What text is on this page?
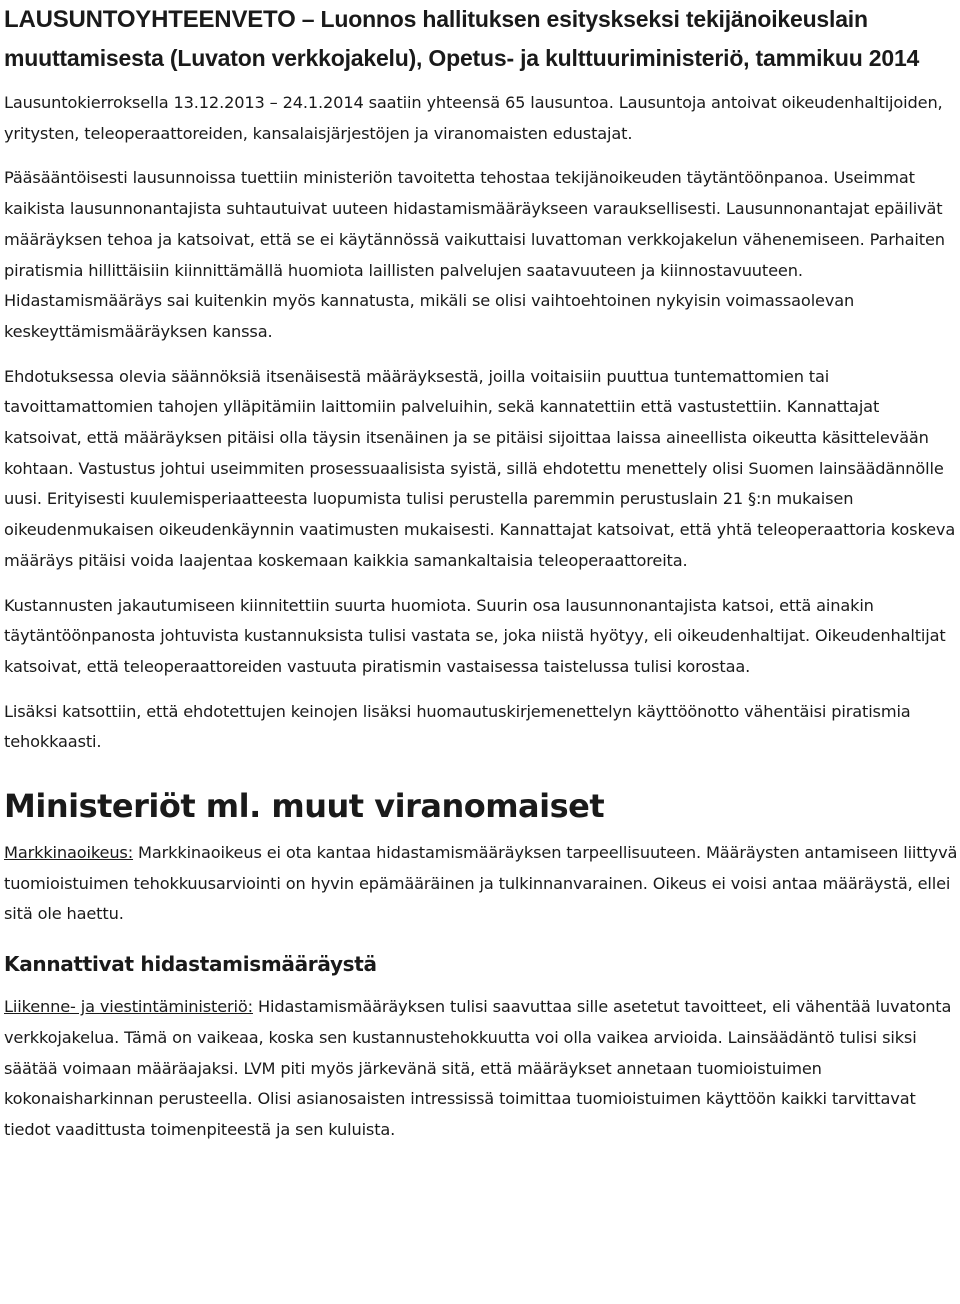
LAUSUNTOYHTEENVETO – Luonnos hallituksen esityskseksi tekijänoikeuslain muuttamisesta (Luvaton verkkojakelu), Opetus- ja kulttuuriministeriö, tammikuu 2014

Lausuntokierroksella 13.12.2013 – 24.1.2014 saatiin yhteensä 65 lausuntoa. Lausuntoja antoivat oikeudenhaltijoiden, yritysten, teleoperaattoreiden, kansalaisjärjestöjen ja viranomaisten edustajat.

Pääsääntöisesti lausunnoissa tuettiin ministeriön tavoitetta tehostaa tekijänoikeuden täytäntöönpanoa. Useimmat kaikista lausunnonantajista suhtautuivat uuteen hidastamismääräykseen varauksellisesti. Lausunnonantajat epäilivät määräyksen tehoa ja katsoivat, että se ei käytännössä vaikuttaisi luvattoman verkkojakelun vähenemiseen. Parhaiten piratismia hillittäisiin kiinnittämällä huomiota laillisten palvelujen saatavuuteen ja kiinnostavuuteen. Hidastamismääräys sai kuitenkin myös kannatusta, mikäli se olisi vaihtoehtoinen nykyisin voimassaolevan keskeyttämismääräyksen kanssa.

Ehdotuksessa olevia säännöksiä itsenäisestä määräyksestä, joilla voitaisiin puuttua tuntemattomien tai tavoittamattomien tahojen ylläpitämiin laittomiin palveluihin, sekä kannatettiin että vastustettiin. Kannattajat katsoivat, että määräyksen pitäisi olla täysin itsenäinen ja se pitäisi sijoittaa laissa aineellista oikeutta käsittelevään kohtaan. Vastustus johtui useimmiten prosessuaalisista syistä, sillä ehdotettu menettely olisi Suomen lainsäädännölle uusi. Erityisesti kuulemisperiaatteesta luopumista tulisi perustella paremmin perustuslain 21 §:n mukaisen oikeudenmukaisen oikeudenkäynnin vaatimusten mukaisesti. Kannattajat katsoivat, että yhtä teleoperaattoria koskeva määräys pitäisi voida laajentaa koskemaan kaikkia samankaltaisia teleoperaattoreita.

Kustannusten jakautumiseen kiinnitettiin suurta huomiota. Suurin osa lausunnonantajista katsoi, että ainakin täytäntöönpanosta johtuvista kustannuksista tulisi vastata se, joka niistä hyötyy, eli oikeudenhaltijat. Oikeudenhaltijat katsoivat, että teleoperaattoreiden vastuuta piratismin vastaisessa taistelussa tulisi korostaa.

Lisäksi katsottiin, että ehdotettujen keinojen lisäksi huomautuskirjemenettelyn käyttöönotto vähentäisi piratismia tehokkaasti.

Ministeriöt ml. muut viranomaiset

Markkinaoikeus: Markkinaoikeus ei ota kantaa hidastamismääräyksen tarpeellisuuteen. Määräysten antamiseen liittyvä tuomioistuimen tehokkuusarviointi on hyvin epämääräinen ja tulkinnanvarainen. Oikeus ei voisi antaa määräystä, ellei sitä ole haettu.

Kannattivat hidastamismääräystä

Liikenne- ja viestintäministeriö: Hidastamismääräyksen tulisi saavuttaa sille asetetut tavoitteet, eli vähentää luvatonta verkkojakelua. Tämä on vaikeaa, koska sen kustannustehokkuutta voi olla vaikea arvioida. Lainsäädäntö tulisi siksi säätää voimaan määräajaksi. LVM piti myös järkevänä sitä, että määräykset annetaan tuomioistuimen kokonaisharkinnan perusteella. Olisi asianosaisten intressissä toimittaa tuomioistuimen käyttöön kaikki tarvittavat tiedot vaadittusta toimenpiteestä ja sen kuluista.
